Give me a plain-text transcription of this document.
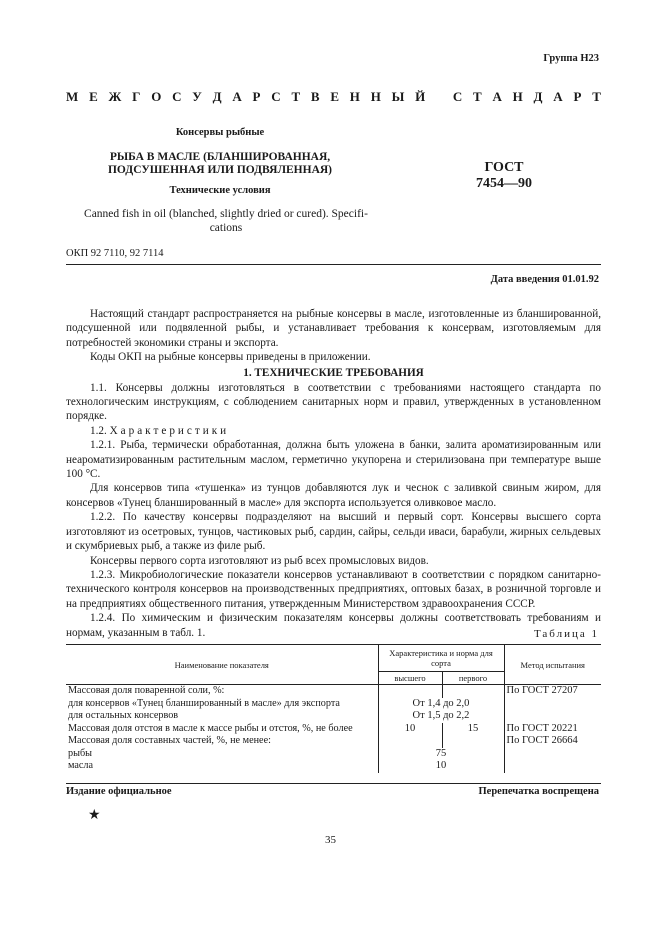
Группа Н23
М Е Ж Г О С У Д А Р С Т В Е Н Н Ы Й С Т А Н Д А Р Т
Консервы рыбные
РЫБА В МАСЛЕ (БЛАНШИРОВАННАЯ,
ПОДСУШЕННАЯ ИЛИ ПОДВЯЛЕННАЯ)
Технические условия
Canned fish in oil (blanched, slightly dried or cured). Specifi-
cations
ГОСТ
7454—90
ОКП 92 7110, 92 7114
Дата введения 01.01.92

Настоящий стандарт распространяется на рыбные консервы в масле, изготовленные из бланшированной, подсушенной или подвяленной рыбы, и устанавливает требования к консервам, изготовляемым для потребностей экономики страны и экспорта.

Коды ОКП на рыбные консервы приведены в приложении.

1. ТЕХНИЧЕСКИЕ ТРЕБОВАНИЯ

1.1. Консервы должны изготовляться в соответствии с требованиями настоящего стандарта по технологическим инструкциям, с соблюдением санитарных норм и правил, утвержденных в установленном порядке.

1.2. Характеристики

1.2.1. Рыба, термически обработанная, должна быть уложена в банки, залита ароматизированным или неароматизированным растительным маслом, герметично укупорена и стерилизована при температуре выше 100 °С.

Для консервов типа «тушенка» из тунцов добавляются лук и чеснок с заливкой свиным жиром, для консервов «Тунец бланшированный в масле» для экспорта используется оливковое масло.

1.2.2. По качеству консервы подразделяют на высший и первый сорт. Консервы высшего сорта изготовляют из осетровых, тунцов, частиковых рыб, сардин, сайры, сельди иваси, барабули, жирных сельдевых и скумбриевых рыб, а также из филе рыб.

Консервы первого сорта изготовляют из рыб всех промысловых видов.

1.2.3. Микробиологические показатели консервов устанавливают в соответствии с порядком санитарно-технического контроля консервов на производственных предприятиях, оптовых базах, в розничной торговле и на предприятиях общественного питания, утвержденным Министерством здравоохранения СССР.

1.2.4. По химическим и физическим показателям консервы должны соответствовать требованиям и нормам, указанным в табл. 1.	Таблица 1
Наименование показателя	Характеристика и норма для сорта		Метод испытания
	высшего	первого	
Массовая доля поваренной соли, %:			По ГОСТ 27207
для консервов «Тунец бланшированный в масле» для экспорта	От 1,4 до 2,0		
для остальных консервов	От 1,5 до 2,2		
Массовая доля отстоя в масле к массе рыбы и отстоя, %, не более	10	15	По ГОСТ 20221
Массовая доля составных частей, %, не менее:			По ГОСТ 26664
рыбы	75		
масла	10		
Издание официальное	Перепечатка воспрещена
★
35
